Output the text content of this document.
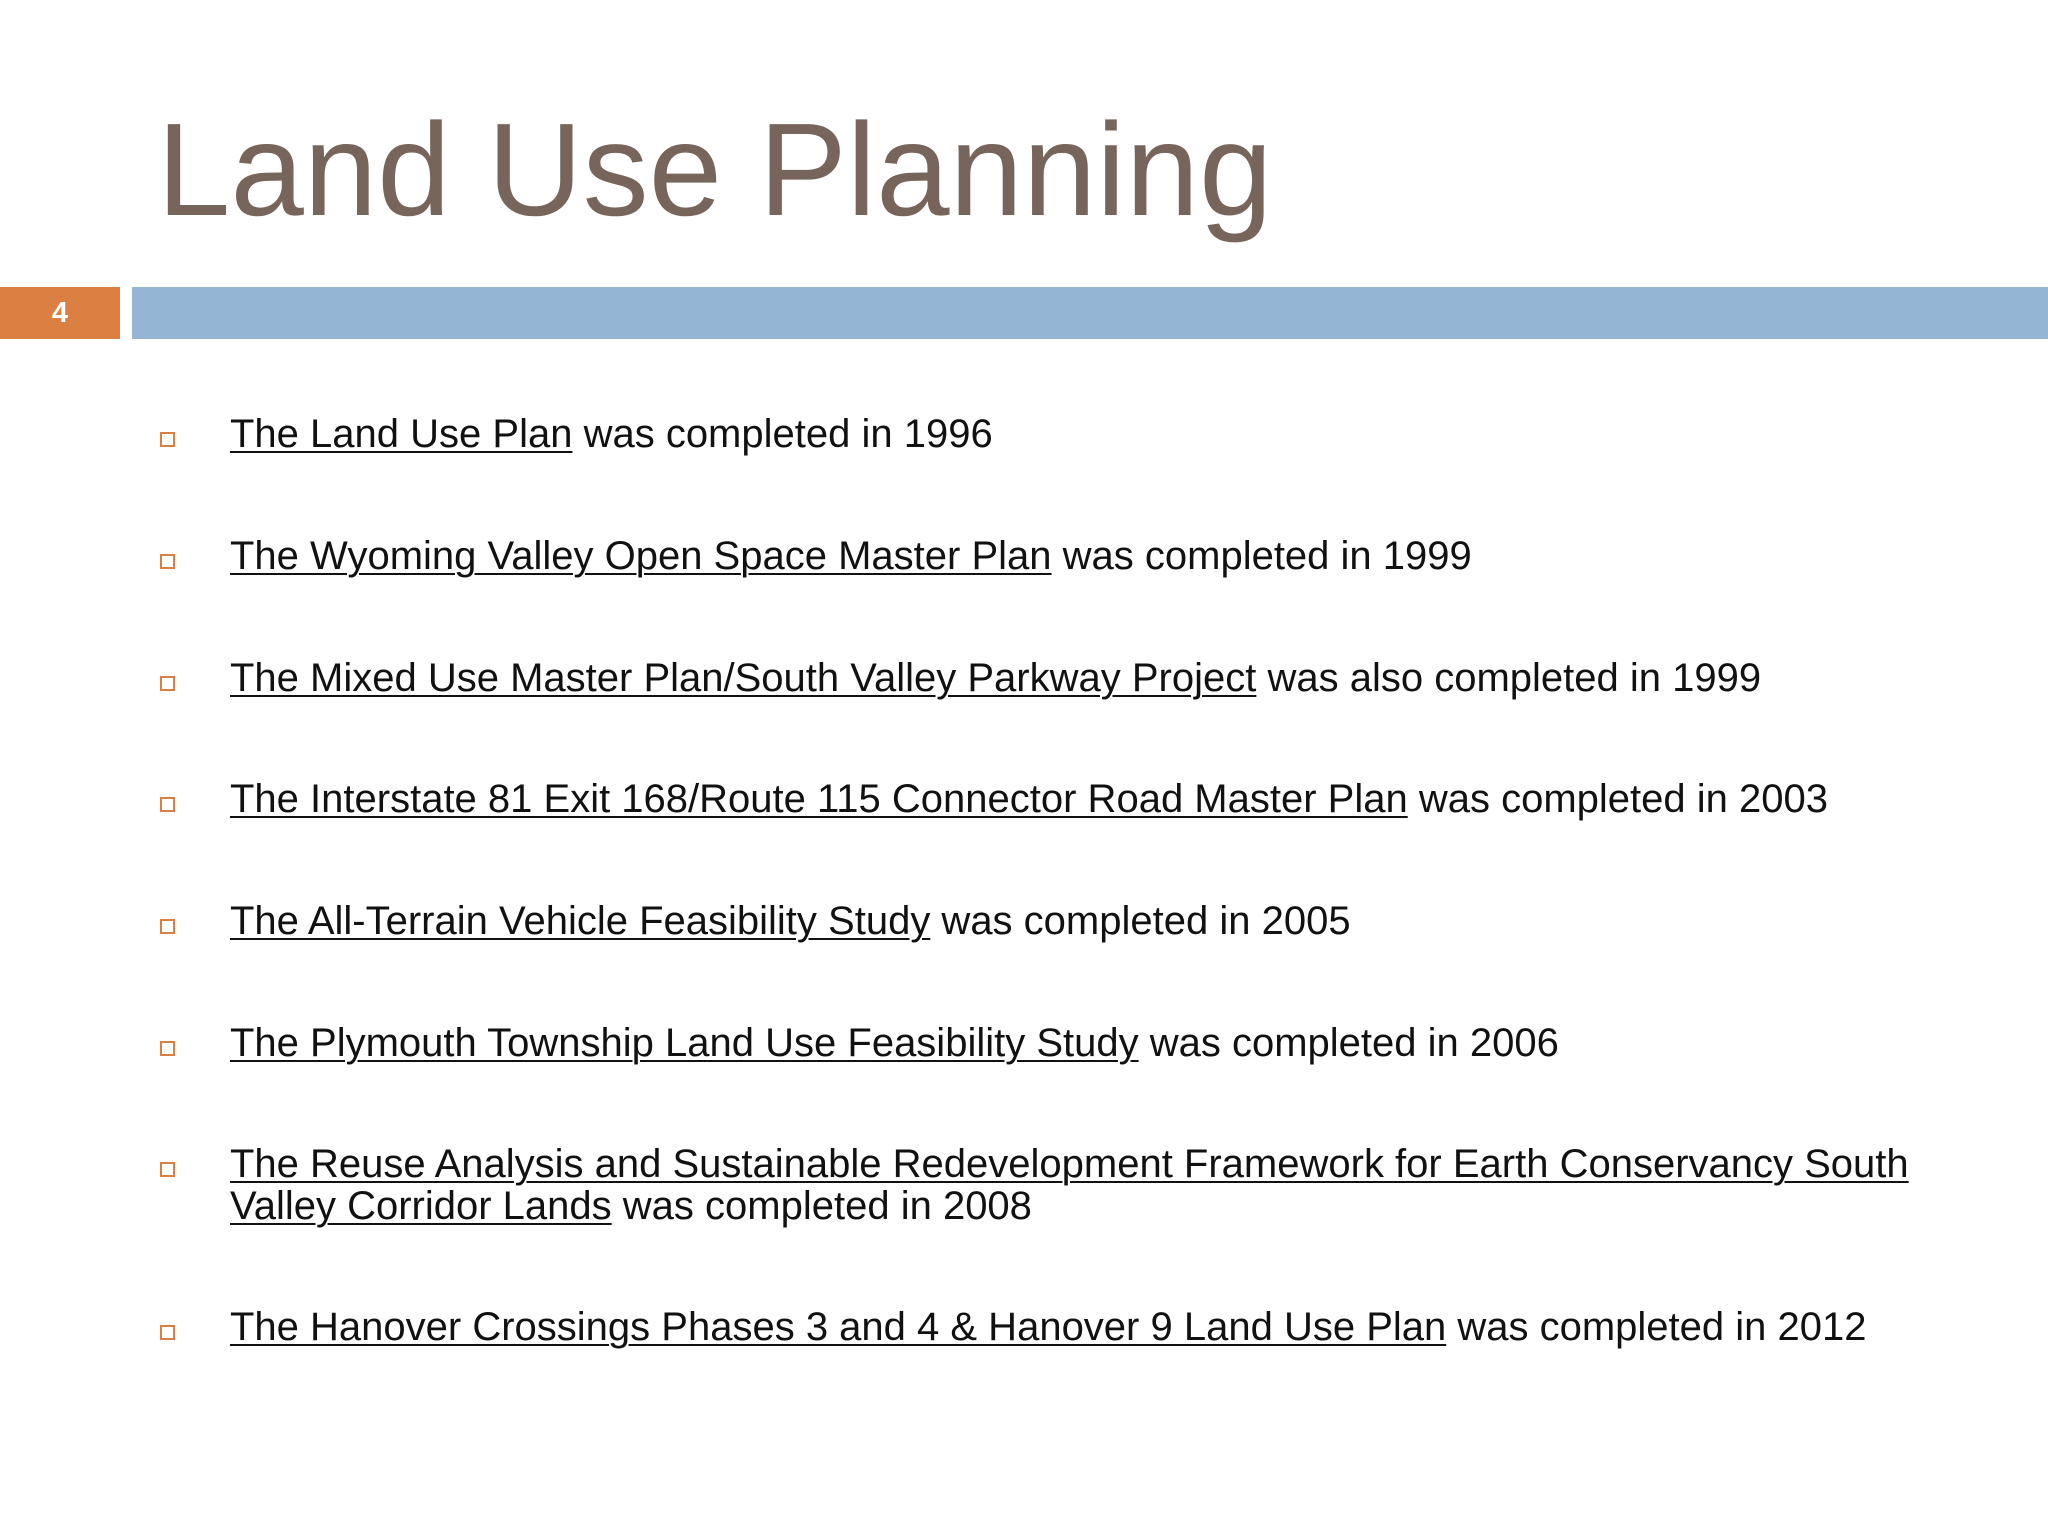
Land Use Planning
4
The Land Use Plan was completed in 1996
The Wyoming Valley Open Space Master Plan was completed in 1999
The Mixed Use Master Plan/South Valley Parkway Project was also completed in 1999
The Interstate 81 Exit 168/Route 115 Connector Road Master Plan was completed in 2003
The All-Terrain Vehicle Feasibility Study was completed in 2005
The Plymouth Township Land Use Feasibility Study was completed in 2006
The Reuse Analysis and Sustainable Redevelopment Framework for Earth Conservancy South Valley Corridor Lands was completed in 2008
The Hanover Crossings Phases 3 and 4 & Hanover 9 Land Use Plan was completed in 2012
